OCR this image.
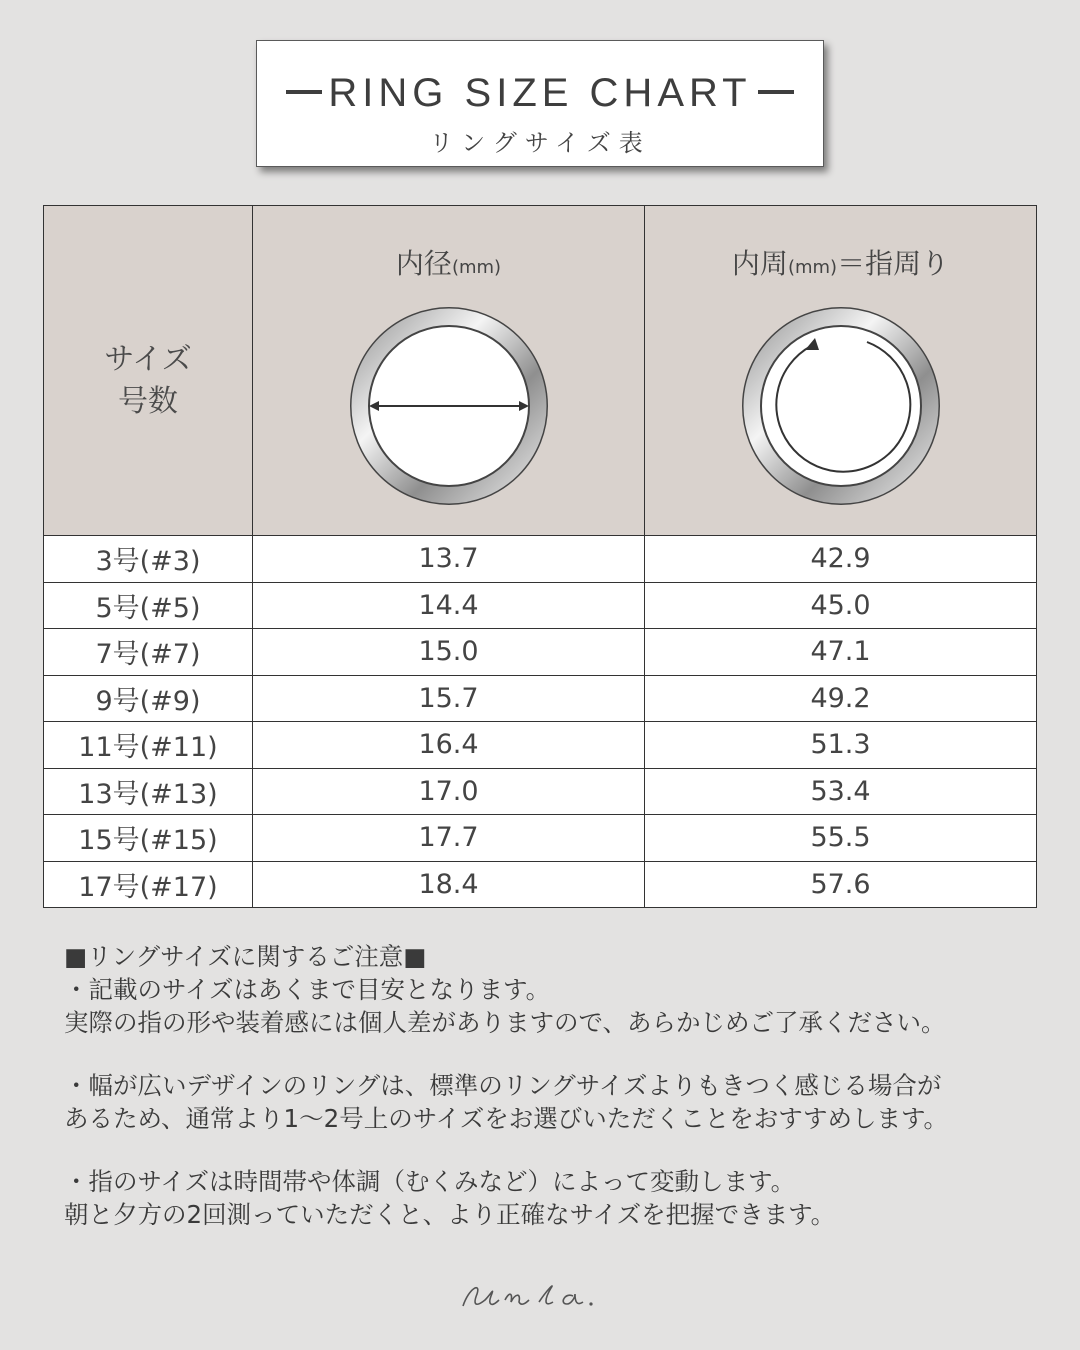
RING SIZE CHART
リングサイズ表
サイズ
号数	内径(mm)	内周(mm)＝指周り

3号(#3)	13.7	42.9
5号(#5)	14.4	45.0
7号(#7)	15.0	47.1
9号(#9)	15.7	49.2
11号(#11)	16.4	51.3
13号(#13)	17.0	53.4
15号(#15)	17.7	55.5
17号(#17)	18.4	57.6
■リングサイズに関するご注意■
・記載のサイズはあくまで目安となります。
実際の指の形や装着感には個人差がありますので、あらかじめご了承ください。
・幅が広いデザインのリングは、標準のリングサイズよりもきつく感じる場合が
あるため、通常より1〜2号上のサイズをお選びいただくことをおすすめします。
・指のサイズは時間帯や体調（むくみなど）によって変動します。
朝と夕方の2回測っていただくと、より正確なサイズを把握できます。
